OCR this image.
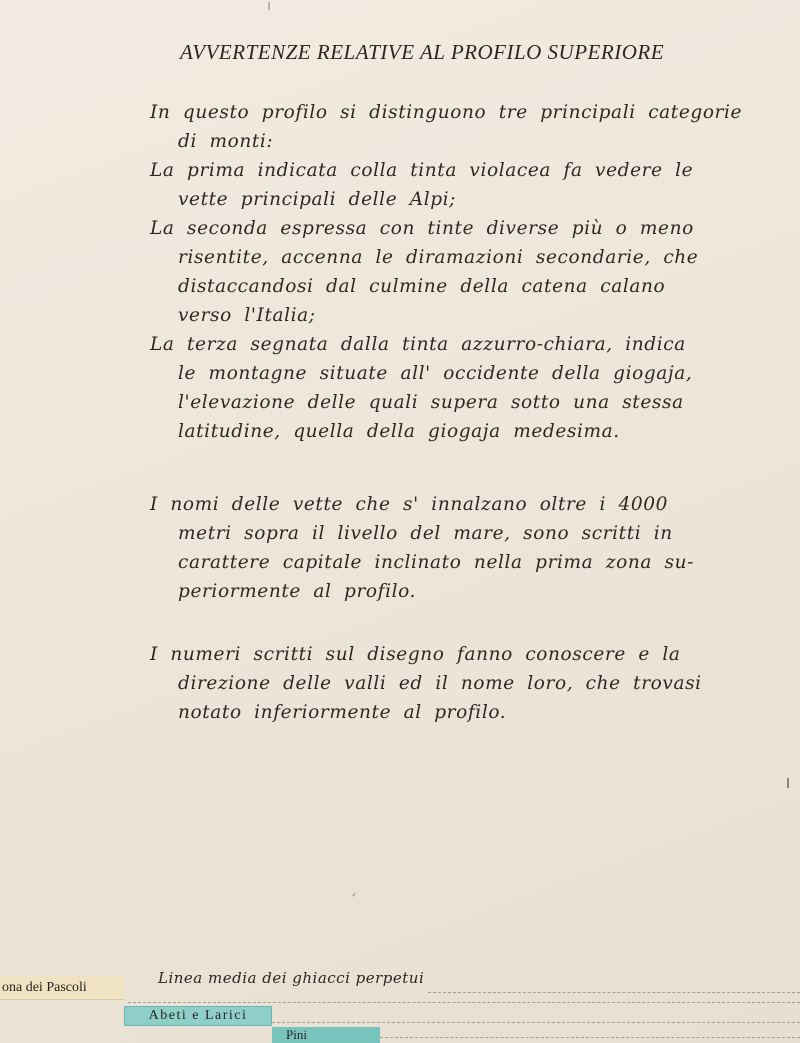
AVVERTENZE RELATIVE AL PROFILO SUPERIORE
In questo profilo si distinguono tre principali categorie
di monti:
La prima indicata colla tinta violacea fa vedere le
vette principali delle Alpi;
La seconda espressa con tinte diverse più o meno
risentite, accenna le diramazioni secondarie, che
distaccandosi dal culmine della catena calano
verso l'Italia;
La terza segnata dalla tinta azzurro-chiara, indica
le montagne situate all' occidente della giogaja,
l'elevazione delle quali supera sotto una stessa
latitudine, quella della giogaja medesima.
I nomi delle vette che s' innalzano oltre i 4000
metri sopra il livello del mare, sono scritti in
carattere capitale inclinato nella prima zona su-
periormente al profilo.
I numeri scritti sul disegno fanno conoscere e la
direzione delle valli ed il nome loro, che trovasi
notato inferiormente al profilo.
‚
Linea media dei ghiacci perpetui
ona dei Pascoli
Abeti e Larici
Pini
